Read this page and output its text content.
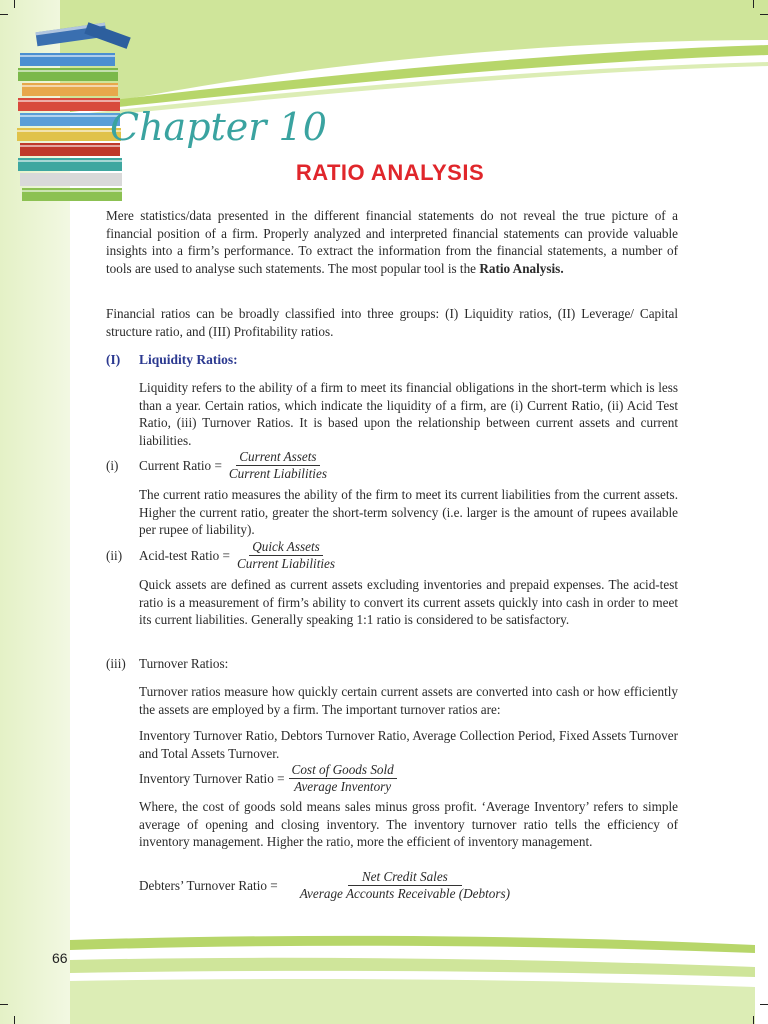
Chapter 10
RATIO ANALYSIS

Mere statistics/data presented in the different financial statements do not reveal the true picture of a financial position of a firm. Properly analyzed and interpreted financial statements can provide valuable insights into a firm’s performance. To extract the information from the financial statements, a number of tools are used to analyse such statements. The most popular tool is the Ratio Analysis.

Financial ratios can be broadly classified into three groups: (I) Liquidity ratios, (II) Leverage/ Capital structure ratio, and (III) Profitability ratios.

(I) Liquidity Ratios:

Liquidity refers to the ability of a firm to meet its financial obligations in the short-term which is less than a year. Certain ratios, which indicate the liquidity of a firm, are (i) Current Ratio, (ii) Acid Test Ratio, (iii) Turnover Ratios. It is based upon the relationship between current assets and current liabilities.

(i)	Current Ratio = $\frac{\text{Current Assets}}{\text{Current Liabilities}}$

The current ratio measures the ability of the firm to meet its current liabilities from the current assets. Higher the current ratio, greater the short-term solvency (i.e. larger is the amount of rupees available per rupee of liability).

(ii)	Acid-test Ratio = $\frac{\text{Quick Assets}}{\text{Current Liabilities}}$

Quick assets are defined as current assets excluding inventories and prepaid expenses. The acid-test ratio is a measurement of firm’s ability to convert its current assets quickly into cash in order to meet its current liabilities. Generally speaking 1:1 ratio is considered to be satisfactory.

(iii)	Turnover Ratios:

Turnover ratios measure how quickly certain current assets are converted into cash or how efficiently the assets are employed by a firm. The important turnover ratios are:

Inventory Turnover Ratio, Debtors Turnover Ratio, Average Collection Period, Fixed Assets Turnover and Total Assets Turnover.

Inventory Turnover Ratio = $\frac{\text{Cost of Goods Sold}}{\text{Average Inventory}}$

Where, the cost of goods sold means sales minus gross profit. ‘Average Inventory’ refers to simple average of opening and closing inventory. The inventory turnover ratio tells the efficiency of inventory management. Higher the ratio, more the efficient of inventory management.

Debters’ Turnover Ratio = $\frac{\text{Net Credit Sales}}{\text{Average Accounts Receivable (Debtors)}}$
66
